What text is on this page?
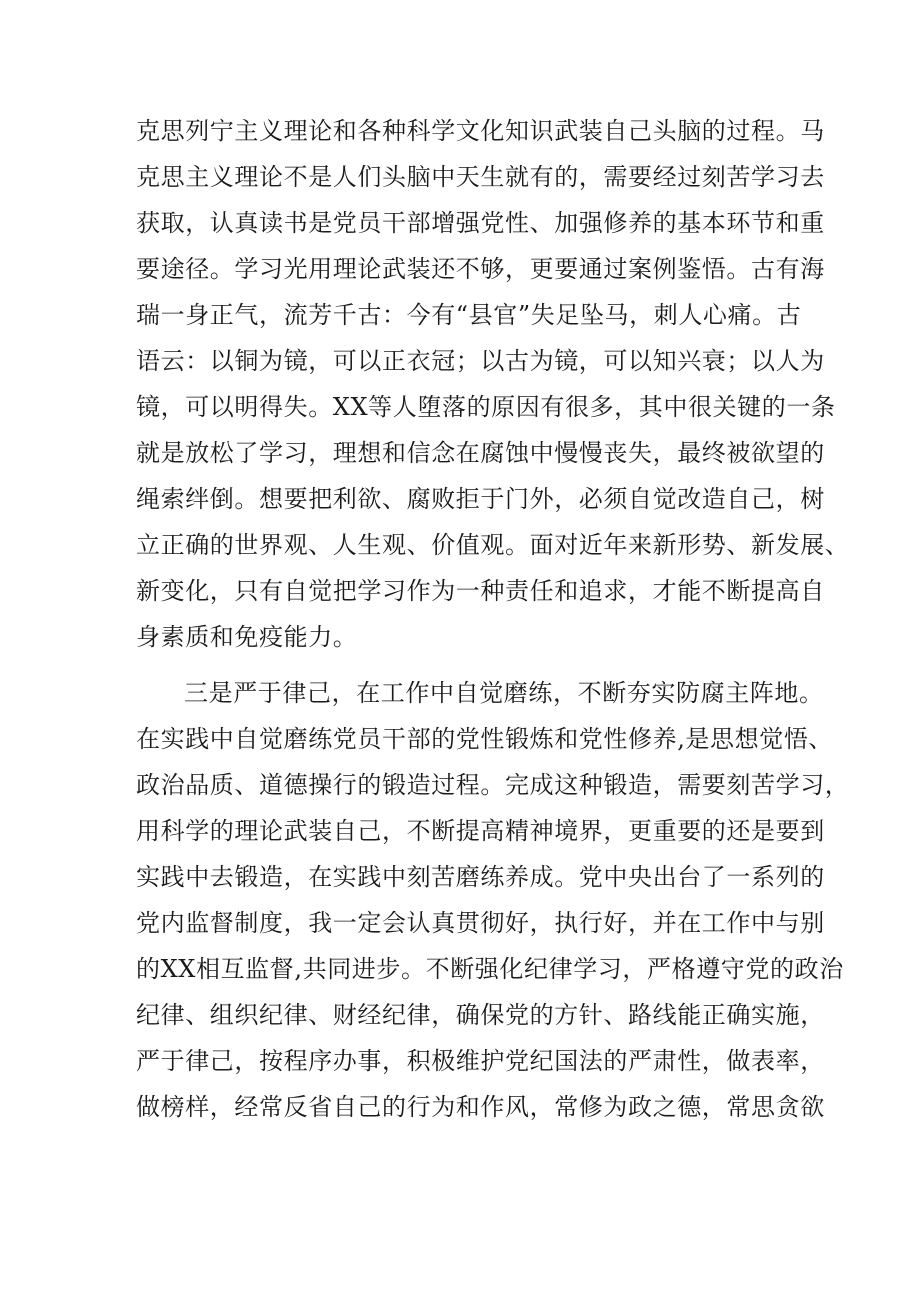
克思列宁主义理论和各种科学文化知识武装自己头脑的过程。马
克思主义理论不是人们头脑中天生就有的，需要经过刻苦学习去
获取，认真读书是党员干部增强党性、加强修养的基本环节和重
要途径。学习光用理论武装还不够，更要通过案例鉴悟。古有海
瑞一身正气，流芳千古：今有“县官”失足坠马，刺人心痛。古
语云：以铜为镜，可以正衣冠；以古为镜，可以知兴衰；以人为
镜，可以明得失。XX等人堕落的原因有很多，其中很关键的一条
就是放松了学习，理想和信念在腐蚀中慢慢丧失，最终被欲望的
绳索绊倒。想要把利欲、腐败拒于门外，必须自觉改造自己，树
立正确的世界观、人生观、价值观。面对近年来新形势、新发展、
新变化，只有自觉把学习作为一种责任和追求，才能不断提高自
身素质和免疫能力。
三是严于律己，在工作中自觉磨练，不断夯实防腐主阵地。
在实践中自觉磨练党员干部的党性锻炼和党性修养,是思想觉悟、
政治品质、道德操行的锻造过程。完成这种锻造，需要刻苦学习，
用科学的理论武装自己，不断提高精神境界，更重要的还是要到
实践中去锻造，在实践中刻苦磨练养成。党中央出台了一系列的
党内监督制度，我一定会认真贯彻好，执行好，并在工作中与别
的XX相互监督,共同进步。不断强化纪律学习，严格遵守党的政治
纪律、组织纪律、财经纪律，确保党的方针、路线能正确实施，
严于律己，按程序办事，积极维护党纪国法的严肃性，做表率，
做榜样，经常反省自己的行为和作风，常修为政之德，常思贪欲
